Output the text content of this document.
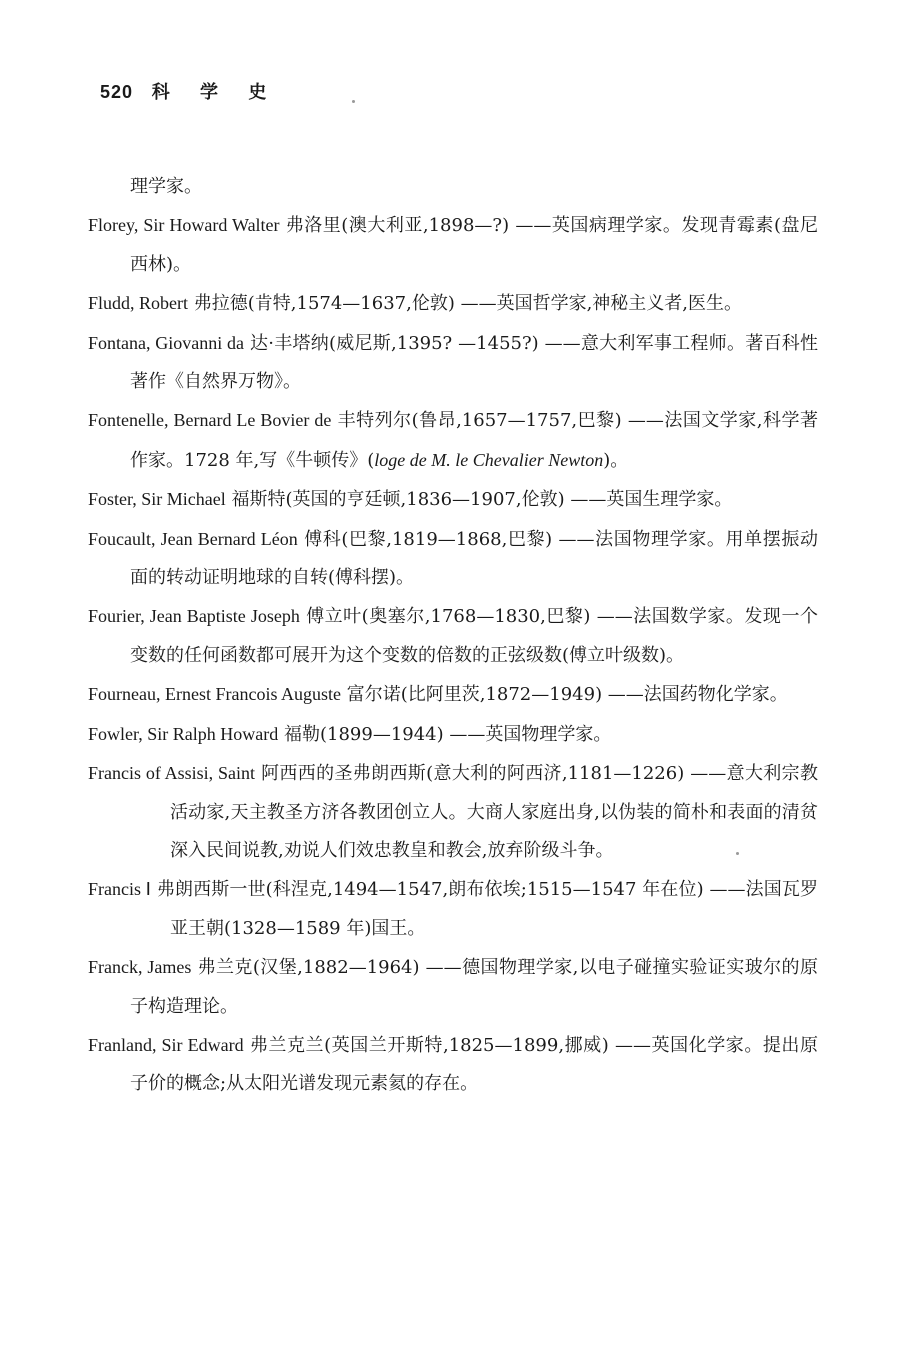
520 科 学 史

理学家。

Florey, Sir Howard Walter 弗洛里(澳大利亚,1898—?) ——英国病理学家。发现青霉素(盘尼西林)。

Fludd, Robert 弗拉德(肯特,1574—1637,伦敦) ——英国哲学家,神秘主义者,医生。

Fontana, Giovanni da 达·丰塔纳(威尼斯,1395? —1455?) ——意大利军事工程师。著百科性著作《自然界万物》。

Fontenelle, Bernard Le Bovier de 丰特列尔(鲁昂,1657—1757,巴黎) ——法国文学家,科学著作家。1728 年,写《牛顿传》(loge de M. le Chevalier Newton)。

Foster, Sir Michael 福斯特(英国的亨廷顿,1836—1907,伦敦) ——英国生理学家。

Foucault, Jean Bernard Léon 傅科(巴黎,1819—1868,巴黎) ——法国物理学家。用单摆振动面的转动证明地球的自转(傅科摆)。

Fourier, Jean Baptiste Joseph 傅立叶(奥塞尔,1768—1830,巴黎) ——法国数学家。发现一个变数的任何函数都可展开为这个变数的倍数的正弦级数(傅立叶级数)。

Fourneau, Ernest Francois Auguste 富尔诺(比阿里茨,1872—1949) ——法国药物化学家。

Fowler, Sir Ralph Howard 福勒(1899—1944) ——英国物理学家。

Francis of Assisi, Saint 阿西西的圣弗朗西斯(意大利的阿西济,1181—1226) ——意大利宗教活动家,天主教圣方济各教团创立人。大商人家庭出身,以伪装的简朴和表面的清贫深入民间说教,劝说人们效忠教皇和教会,放弃阶级斗争。

Francis Ⅰ 弗朗西斯一世(科涅克,1494—1547,朗布依埃;1515—1547 年在位) ——法国瓦罗亚王朝(1328—1589 年)国王。

Franck, James 弗兰克(汉堡,1882—1964) ——德国物理学家,以电子碰撞实验证实玻尔的原子构造理论。

Franland, Sir Edward 弗兰克兰(英国兰开斯特,1825—1899,挪威) ——英国化学家。提出原子价的概念;从太阳光谱发现元素氦的存在。
